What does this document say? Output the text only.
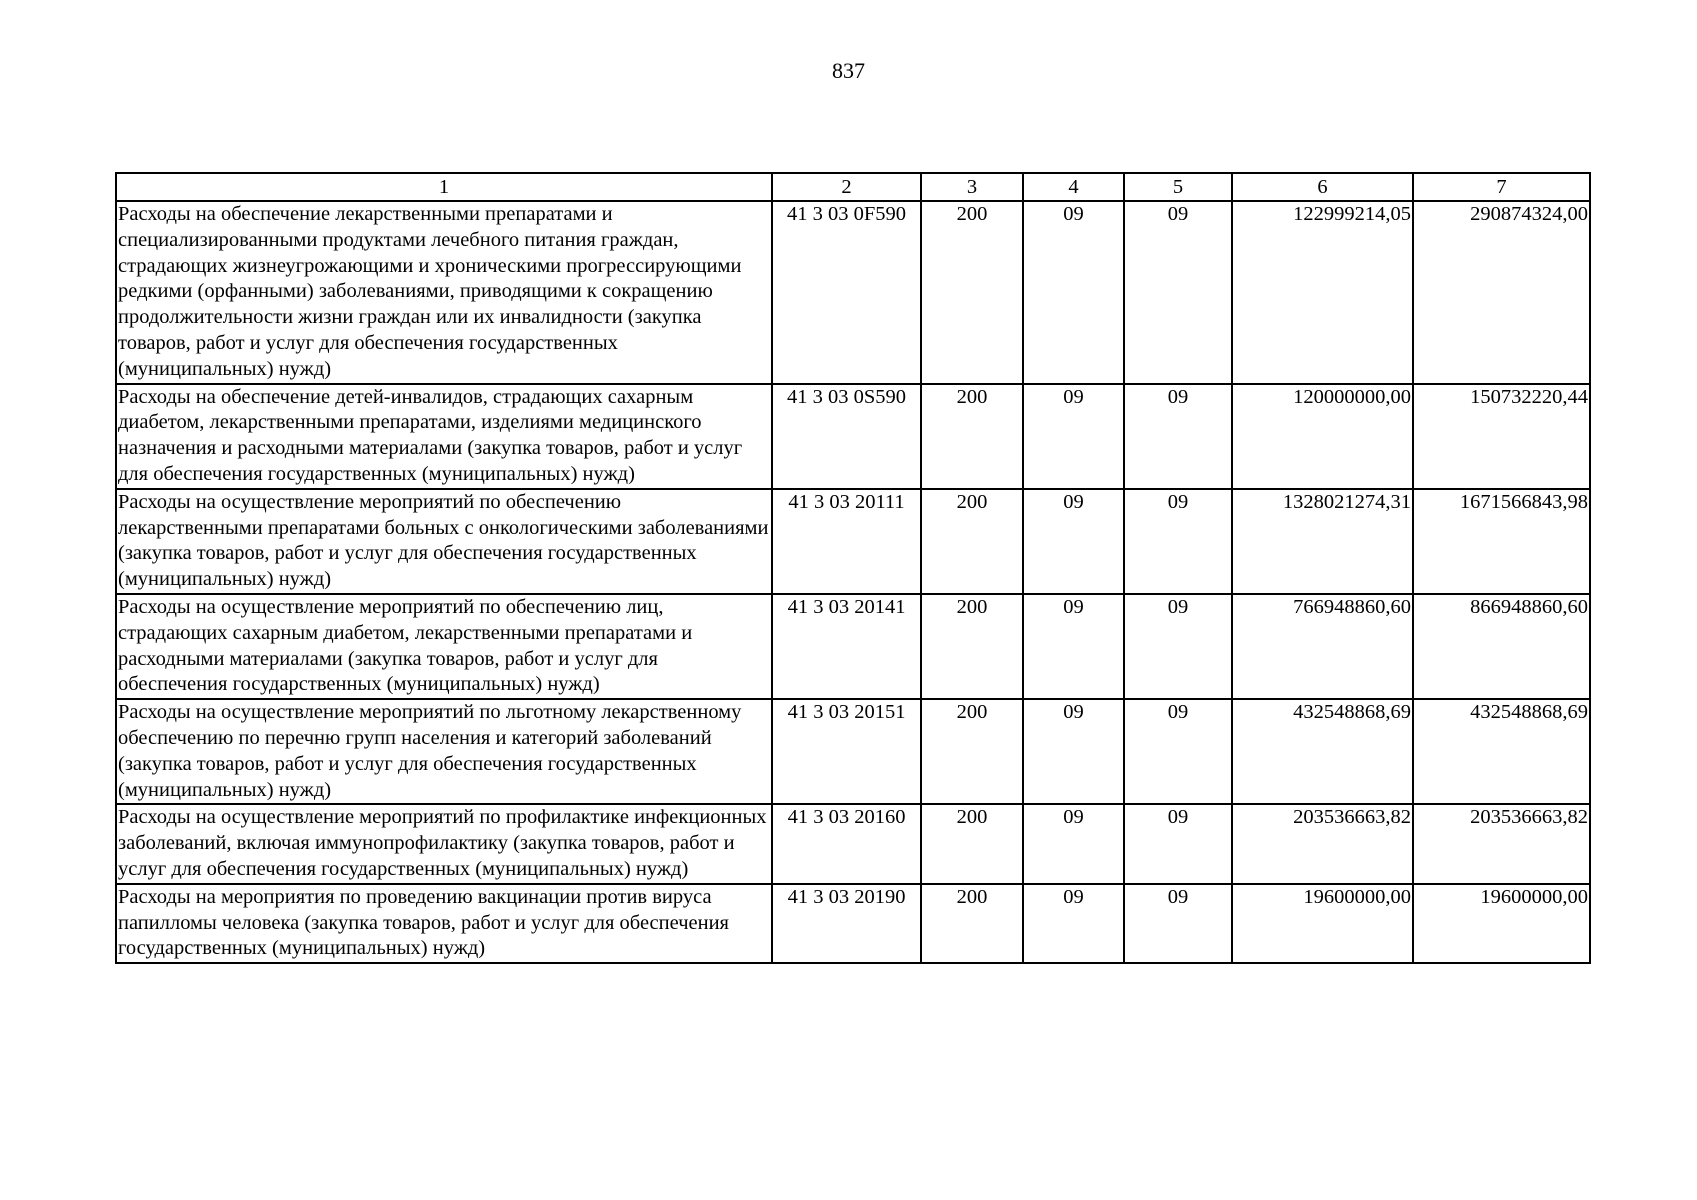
837
1	2	3	4	5	6	7
Расходы на обеспечение лекарственными препаратами и специализированными продуктами лечебного питания граждан, страдающих жизнеугрожающими и хроническими прогрессирующими редкими (орфанными) заболеваниями, приводящими к сокращению продолжительности жизни граждан или их инвалидности (закупка товаров, работ и услуг для обеспечения государственных (муниципальных) нужд)	41 3 03 0F590	200	09	09	122999214,05	290874324,00
Расходы на обеспечение детей-инвалидов, страдающих сахарным диабетом, лекарственными препаратами, изделиями медицинского назначения и расходными материалами (закупка товаров, работ и услуг для обеспечения государственных (муниципальных) нужд)	41 3 03 0S590	200	09	09	120000000,00	150732220,44
Расходы на осуществление мероприятий по обеспечению лекарственными препаратами больных с онкологическими заболеваниями (закупка товаров, работ и услуг для обеспечения государственных (муниципальных) нужд)	41 3 03 20111	200	09	09	1328021274,31	1671566843,98
Расходы на осуществление мероприятий по обеспечению лиц, страдающих сахарным диабетом, лекарственными препаратами и расходными материалами (закупка товаров, работ и услуг для обеспечения государственных (муниципальных) нужд)	41 3 03 20141	200	09	09	766948860,60	866948860,60
Расходы на осуществление мероприятий по льготному лекарственному обеспечению по перечню групп населения и категорий заболеваний (закупка товаров, работ и услуг для обеспечения государственных (муниципальных) нужд)	41 3 03 20151	200	09	09	432548868,69	432548868,69
Расходы на осуществление мероприятий по профилактике инфекционных заболеваний, включая иммунопрофилактику (закупка товаров, работ и услуг для обеспечения государственных (муниципальных) нужд)	41 3 03 20160	200	09	09	203536663,82	203536663,82
Расходы на мероприятия по проведению вакцинации против вируса папилломы человека (закупка товаров, работ и услуг для обеспечения государственных (муниципальных) нужд)	41 3 03 20190	200	09	09	19600000,00	19600000,00
